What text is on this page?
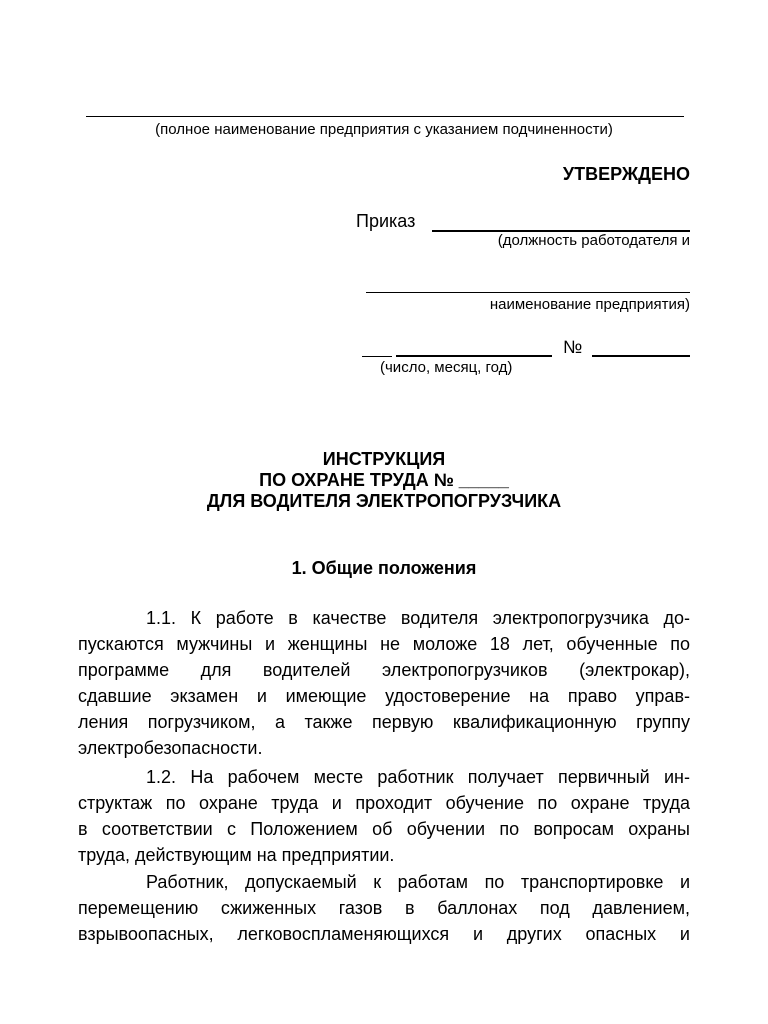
(полное наименование предприятия с указанием подчиненности)
УТВЕРЖДЕНО
Приказ
(должность работодателя и
наименование предприятия)
№
(число, месяц, год)
ИНСТРУКЦИЯ
ПО ОХРАНЕ ТРУДА № _____
ДЛЯ ВОДИТЕЛЯ ЭЛЕКТРОПОГРУЗЧИКА
1. Общие положения
1.1. К работе в качестве водителя электропогрузчика до-
пускаются мужчины и женщины не моложе 18 лет, обученные по
программе для водителей электропогрузчиков (электрокар),
сдавшие экзамен и имеющие удостоверение на право управ-
ления погрузчиком, а также первую квалификационную группу
электробезопасности.
1.2. На рабочем месте работник получает первичный ин-
структаж по охране труда и проходит обучение по охране труда
в соответствии с Положением об обучении по вопросам охраны
труда, действующим на предприятии.
Работник, допускаемый к работам по транспортировке и
перемещению сжиженных газов в баллонах под давлением,
взрывоопасных, легковоспламеняющихся и других опасных и
